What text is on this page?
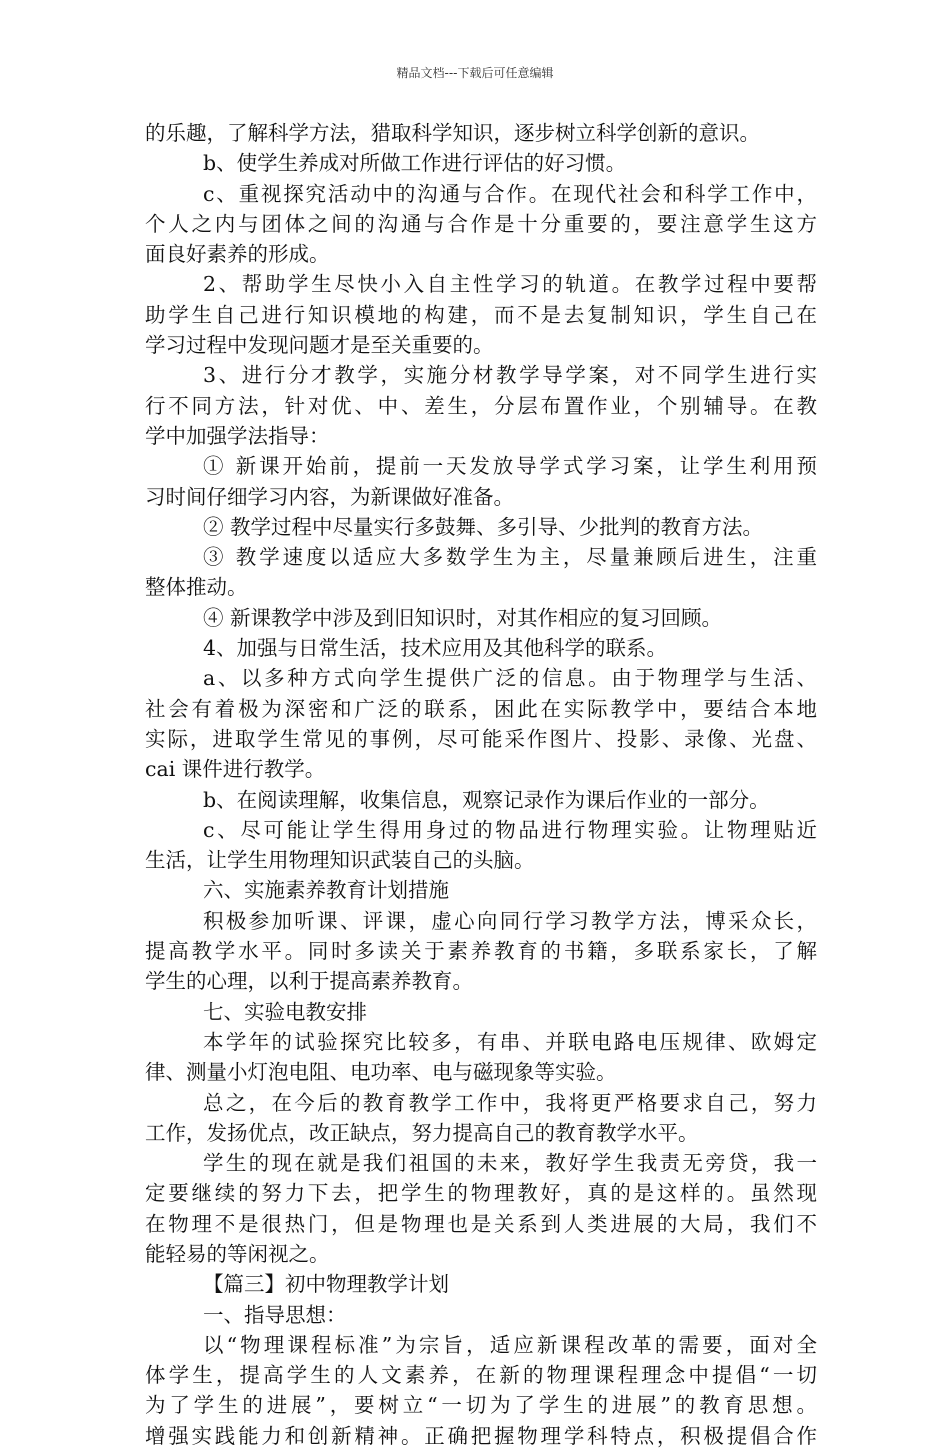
精品文档---下载后可任意编辑
的乐趣，了解科学方法，猎取科学知识，逐步树立科学创新的意识。
b、使学生养成对所做工作进行评估的好习惯。
c、重视探究活动中的沟通与合作。在现代社会和科学工作中，
个人之内与团体之间的沟通与合作是十分重要的，要注意学生这方
面良好素养的形成。
2、帮助学生尽快小入自主性学习的轨道。在教学过程中要帮
助学生自己进行知识模地的构建，而不是去复制知识，学生自己在
学习过程中发现问题才是至关重要的。
3、进行分才教学，实施分材教学导学案，对不同学生进行实
行不同方法，针对优、中、差生，分层布置作业，个别辅导。在教
学中加强学法指导：
① 新课开始前，提前一天发放导学式学习案，让学生利用预
习时间仔细学习内容，为新课做好准备。
② 教学过程中尽量实行多鼓舞、多引导、少批判的教育方法。
③ 教学速度以适应大多数学生为主，尽量兼顾后进生，注重
整体推动。
④ 新课教学中涉及到旧知识时，对其作相应的复习回顾。
4、加强与日常生活，技术应用及其他科学的联系。
a、以多种方式向学生提供广泛的信息。由于物理学与生活、
社会有着极为深密和广泛的联系，困此在实际教学中，要结合本地
实际，进取学生常见的事例，尽可能采作图片、投影、录像、光盘、
cai 课件进行教学。
b、在阅读理解，收集信息，观察记录作为课后作业的一部分。
c、尽可能让学生得用身过的物品进行物理实验。让物理贴近
生活，让学生用物理知识武装自己的头脑。
六、实施素养教育计划措施
积极参加听课、评课，虚心向同行学习教学方法，博采众长，
提高教学水平。同时多读关于素养教育的书籍，多联系家长，了解
学生的心理，以利于提高素养教育。
七、实验电教安排
本学年的试验探究比较多，有串、并联电路电压规律、欧姆定
律、测量小灯泡电阻、电功率、电与磁现象等实验。
总之，在今后的教育教学工作中，我将更严格要求自己，努力
工作，发扬优点，改正缺点，努力提高自己的教育教学水平。
学生的现在就是我们祖国的未来，教好学生我责无旁贷，我一
定要继续的努力下去，把学生的物理教好，真的是这样的。虽然现
在物理不是很热门，但是物理也是关系到人类进展的大局，我们不
能轻易的等闲视之。
【篇三】初中物理教学计划
一、指导思想：
以“物理课程标准”为宗旨，适应新课程改革的需要，面对全
体学生，提高学生的人文素养，在新的物理课程理念中提倡“一切
为了学生的进展”，要树立“一切为了学生的进展”的教育思想。
增强实践能力和创新精神。正确把握物理学科特点，积极提倡合作
